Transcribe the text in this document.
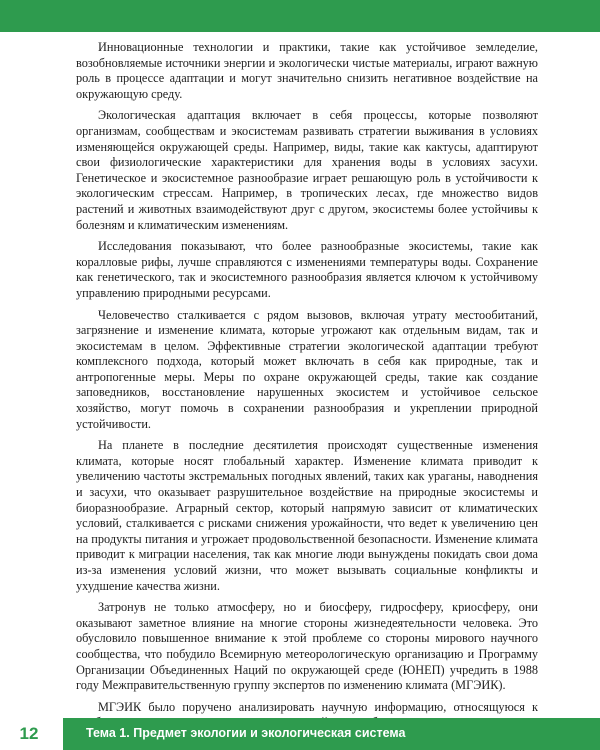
Инновационные технологии и практики, такие как устойчивое земледелие, возобновляемые источники энергии и экологически чистые материалы, играют важную роль в процессе адаптации и могут значительно снизить негативное воздействие на окружающую среду.

Экологическая адаптация включает в себя процессы, которые позволяют организмам, сообществам и экосистемам развивать стратегии выживания в условиях изменяющейся окружающей среды. Например, виды, такие как кактусы, адаптируют свои физиологические характеристики для хранения воды в условиях засухи. Генетическое и экосистемное разнообразие играет решающую роль в устойчивости к экологическим стрессам. Например, в тропических лесах, где множество видов растений и животных взаимодействуют друг с другом, экосистемы более устойчивы к болезням и климатическим изменениям.

Исследования показывают, что более разнообразные экосистемы, такие как коралловые рифы, лучше справляются с изменениями температуры воды. Сохранение как генетического, так и экосистемного разнообразия является ключом к устойчивому управлению природными ресурсами.

Человечество сталкивается с рядом вызовов, включая утрату местообитаний, загрязнение и изменение климата, которые угрожают как отдельным видам, так и экосистемам в целом. Эффективные стратегии экологической адаптации требуют комплексного подхода, который может включать в себя как природные, так и антропогенные меры. Меры по охране окружающей среды, такие как создание заповедников, восстановление нарушенных экосистем и устойчивое сельское хозяйство, могут помочь в сохранении разнообразия и укреплении природной устойчивости.

На планете в последние десятилетия происходят существенные изменения климата, которые носят глобальный характер. Изменение климата приводит к увеличению частоты экстремальных погодных явлений, таких как ураганы, наводнения и засухи, что оказывает разрушительное воздействие на природные экосистемы и биоразнообразие. Аграрный сектор, который напрямую зависит от климатических условий, сталкивается с рисками снижения урожайности, что ведет к увеличению цен на продукты питания и угрожает продовольственной безопасности. Изменение климата приводит к миграции населения, так как многие люди вынуждены покидать свои дома из-за изменения условий жизни, что может вызывать социальные конфликты и ухудшение качества жизни.

Затронув не только атмосферу, но и биосферу, гидросферу, криосферу, они оказывают заметное влияние на многие стороны жизнедеятельности человека. Это обусловило повышенное внимание к этой проблеме со стороны мирового научного сообщества, что побудило Всемирную метеорологическую организацию и Программу Организации Объединенных Наций по окружающей среде (ЮНЕП) учредить в 1988 году Межправительственную группу экспертов по изменению климата (МГЭИК).

МГЭИК было поручено анализировать научную информацию, относящуюся к

12	Тема 1. Предмет экологии и экологическая система
